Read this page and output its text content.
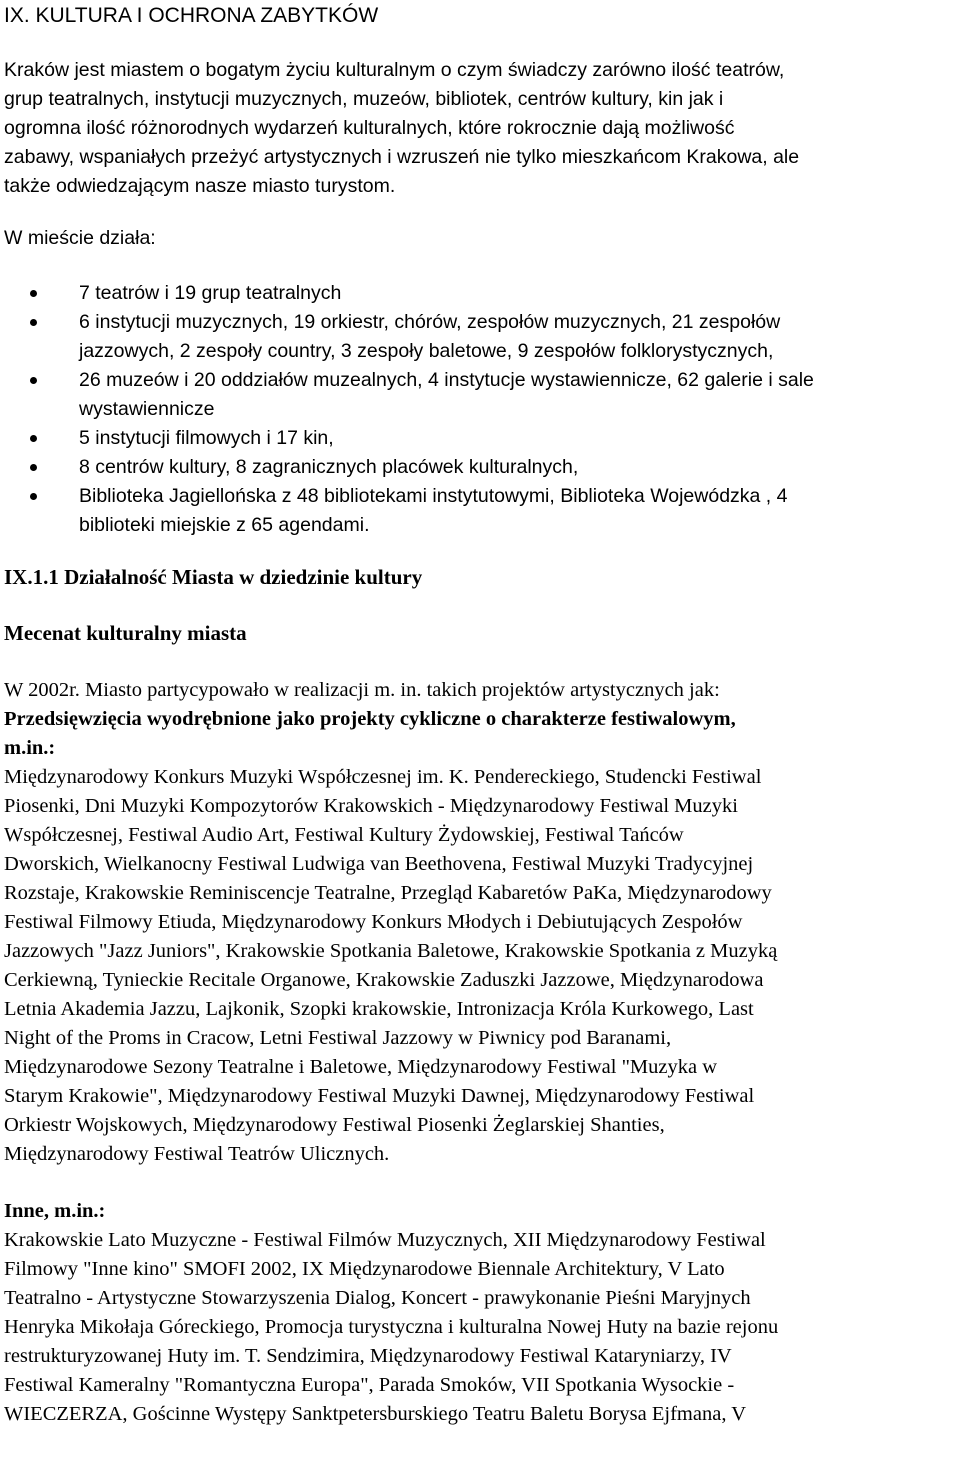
IX. KULTURA I OCHRONA ZABYTKÓW

Kraków jest miastem o bogatym życiu kulturalnym o czym świadczy zarówno ilość teatrów,
grup teatralnych, instytucji muzycznych, muzeów, bibliotek, centrów kultury, kin jak i
ogromna ilość różnorodnych wydarzeń kulturalnych, które rokrocznie dają możliwość
zabawy, wspaniałych przeżyć artystycznych i wzruszeń nie tylko mieszkańcom Krakowa, ale
także odwiedzającym nasze miasto turystom.

W mieście działa:

7 teatrów i 19 grup teatralnych
6 instytucji muzycznych, 19 orkiestr, chórów, zespołów muzycznych, 21 zespołów
jazzowych, 2 zespoły country, 3 zespoły baletowe, 9 zespołów folklorystycznych,
26 muzeów i 20 oddziałów muzealnych, 4 instytucje wystawiennicze, 62 galerie i sale
wystawiennicze
5 instytucji filmowych i 17 kin,
8 centrów kultury, 8 zagranicznych placówek kulturalnych,
Biblioteka Jagiellońska z 48 bibliotekami instytutowymi, Biblioteka Wojewódzka , 4
biblioteki miejskie z 65 agendami.
IX.1.1 Działalność Miasta w dziedzinie kultury
Mecenat kulturalny miasta

W 2002r. Miasto partycypowało w realizacji m. in. takich projektów artystycznych jak:

Przedsięwzięcia wyodrębnione jako projekty cykliczne o charakterze festiwalowym,
m.in.:

Międzynarodowy Konkurs Muzyki Współczesnej im. K. Pendereckiego, Studencki Festiwal
Piosenki, Dni Muzyki Kompozytorów Krakowskich - Międzynarodowy Festiwal Muzyki
Współczesnej, Festiwal Audio Art, Festiwal Kultury Żydowskiej, Festiwal Tańców
Dworskich, Wielkanocny Festiwal Ludwiga van Beethovena, Festiwal Muzyki Tradycyjnej
Rozstaje, Krakowskie Reminiscencje Teatralne, Przegląd Kabaretów PaKa, Międzynarodowy
Festiwal Filmowy Etiuda, Międzynarodowy Konkurs Młodych i Debiutujących Zespołów
Jazzowych "Jazz Juniors", Krakowskie Spotkania Baletowe, Krakowskie Spotkania z Muzyką
Cerkiewną, Tynieckie Recitale Organowe, Krakowskie Zaduszki Jazzowe, Międzynarodowa
Letnia Akademia Jazzu, Lajkonik, Szopki krakowskie, Intronizacja Króla Kurkowego, Last
Night of the Proms in Cracow, Letni Festiwal Jazzowy w Piwnicy pod Baranami,
Międzynarodowe Sezony Teatralne i Baletowe, Międzynarodowy Festiwal "Muzyka w
Starym Krakowie", Międzynarodowy Festiwal Muzyki Dawnej, Międzynarodowy Festiwal
Orkiestr Wojskowych, Międzynarodowy Festiwal Piosenki Żeglarskiej Shanties,
Międzynarodowy Festiwal Teatrów Ulicznych.

Inne, m.in.:

Krakowskie Lato Muzyczne - Festiwal Filmów Muzycznych, XII Międzynarodowy Festiwal
Filmowy "Inne kino" SMOFI 2002, IX Międzynarodowe Biennale Architektury, V Lato
Teatralno - Artystyczne Stowarzyszenia Dialog, Koncert - prawykonanie Pieśni Maryjnych
Henryka Mikołaja Góreckiego, Promocja turystyczna i kulturalna Nowej Huty na bazie rejonu
restrukturyzowanej Huty im. T. Sendzimira, Międzynarodowy Festiwal Kataryniarzy, IV
Festiwal Kameralny "Romantyczna Europa", Parada Smoków, VII Spotkania Wysockie -
WIECZERZA, Gościnne Występy Sanktpetersburskiego Teatru Baletu Borysa Ejfmana, V
